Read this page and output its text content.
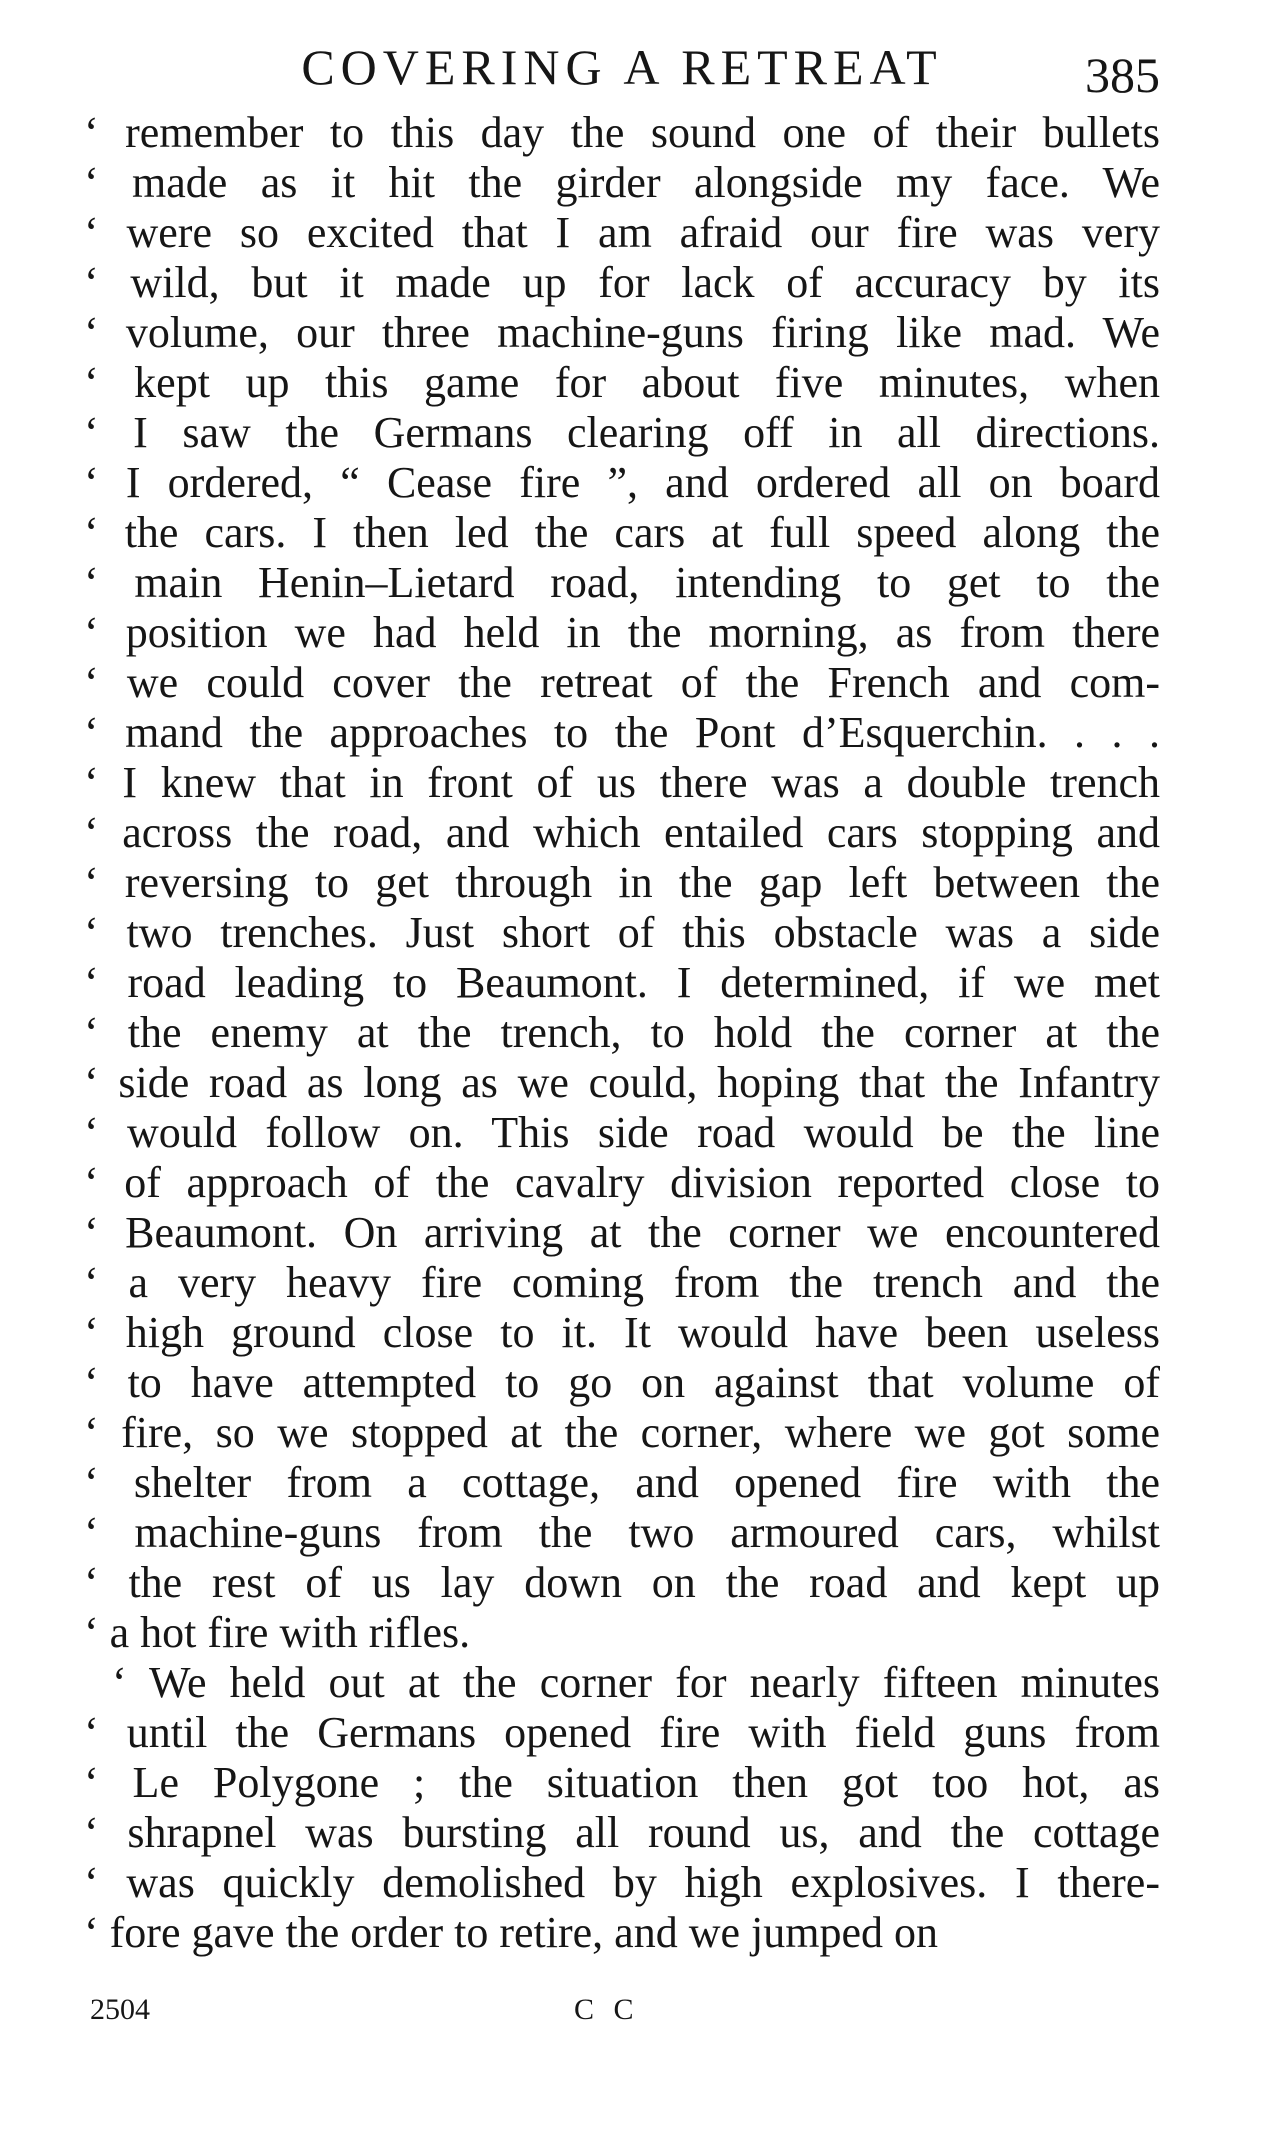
COVERING A RETREAT	385
‘ remember to this day the sound one of their bullets
‘ made as it hit the girder alongside my face. We
‘ were so excited that I am afraid our fire was very
‘ wild, but it made up for lack of accuracy by its
‘ volume, our three machine-guns firing like mad. We
‘ kept up this game for about five minutes, when
‘ I saw the Germans clearing off in all directions.
‘ I ordered, “ Cease fire ”, and ordered all on board
‘ the cars. I then led the cars at full speed along the
‘ main Henin–Lietard road, intending to get to the
‘ position we had held in the morning, as from there
‘ we could cover the retreat of the French and com-
‘ mand the approaches to the Pont d’Esquerchin. . . .
‘ I knew that in front of us there was a double trench
‘ across the road, and which entailed cars stopping and
‘ reversing to get through in the gap left between the
‘ two trenches. Just short of this obstacle was a side
‘ road leading to Beaumont. I determined, if we met
‘ the enemy at the trench, to hold the corner at the
‘ side road as long as we could, hoping that the Infantry
‘ would follow on. This side road would be the line
‘ of approach of the cavalry division reported close to
‘ Beaumont. On arriving at the corner we encountered
‘ a very heavy fire coming from the trench and the
‘ high ground close to it. It would have been useless
‘ to have attempted to go on against that volume of
‘ fire, so we stopped at the corner, where we got some
‘ shelter from a cottage, and opened fire with the
‘ machine-guns from the two armoured cars, whilst
‘ the rest of us lay down on the road and kept up
‘ a hot fire with rifles.
‘ We held out at the corner for nearly fifteen minutes
‘ until the Germans opened fire with field guns from
‘ Le Polygone ; the situation then got too hot, as
‘ shrapnel was bursting all round us, and the cottage
‘ was quickly demolished by high explosives. I there-
‘ fore gave the order to retire, and we jumped on
2504	C C
